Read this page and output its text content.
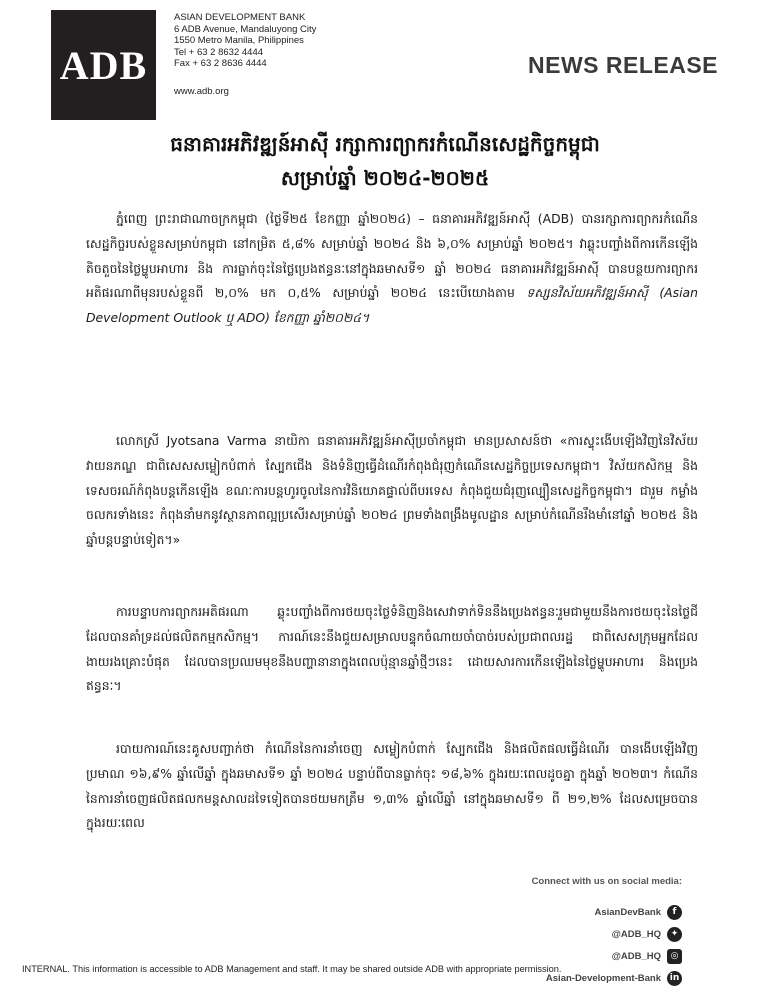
ADB
ASIAN DEVELOPMENT BANK
6 ADB Avenue, Mandaluyong City
1550 Metro Manila, Philippines
Tel + 63 2 8632 4444
Fax + 63 2 8636 4444
www.adb.org
NEWS RELEASE
ធនាគារអភិវឌ្ឍន៍អាស៊ី រក្សាការព្យាករកំណើនសេដ្ឋកិច្ចកម្ពុជា
សម្រាប់ឆ្នាំ ២០២៤-២០២៥
ភ្នំពេញ ព្រះរាជាណាចក្រកម្ពុជា (ថ្ងៃទី២៥ ខែកញ្ញា ឆ្នាំ២០២៤) – ធនាគារអភិវឌ្ឍន៍អាស៊ី (ADB) បានរក្សាការព្យាករកំណើនសេដ្ឋកិច្ចរបស់ខ្លួនសម្រាប់កម្ពុជា នៅកម្រិត ៥,៨% សម្រាប់ឆ្នាំ ២០២៤ និង ៦,០% សម្រាប់ឆ្នាំ ២០២៥។ វាឆ្លុះបញ្ចាំងពីការកើនឡើងតិចតួចនៃថ្លៃម្ហូបអាហារ និង ការធ្លាក់ចុះនៃថ្លៃប្រេងឥន្ធនៈនៅក្នុងឆមាសទី១ ឆ្នាំ ២០២៤ ធនាគារអភិវឌ្ឍន៍អាស៊ី បានបន្ថយការព្យាករអតិផរណាពីមុនរបស់ខ្លួនពី ២,០% មក ០,៥% សម្រាប់ឆ្នាំ ២០២៤ នេះបើយោងតាម ទស្សនវិស័យអភិវឌ្ឍន៍អាស៊ី (Asian Development Outlook ឬ ADO) ខែកញ្ញា ឆ្នាំ២០២៤។
លោកស្រី Jyotsana Varma នាយិកា ធនាគារអភិវឌ្ឍន៍អាស៊ីប្រចាំកម្ពុជា មានប្រសាសន៍ថា «ការស្ទុះងើបឡើងវិញនៃវិស័យវាយនភណ្ឌ ជាពិសេសសម្លៀកបំពាក់ ស្បែកជើង និងទំនិញធ្វើដំណើរកំពុងជំរុញកំណើនសេដ្ឋកិច្ចប្រទេសកម្ពុជា។ វិស័យកសិកម្ម និងទេសចរណ៍កំពុងបន្តកើនឡើង ខណៈការបន្តហូរចូលនៃការវិនិយោគផ្ទាល់ពីបរទេស កំពុងជួយជំរុញល្បឿនសេដ្ឋកិច្ចកម្ពុជា។ ជារួម កម្លាំងចលករទាំងនេះ កំពុងនាំមកនូវស្ថានភាពល្អប្រសើរសម្រាប់ឆ្នាំ ២០២៤ ព្រមទាំងពង្រឹងមូលដ្ឋាន សម្រាប់កំណើនរឹងមាំនៅឆ្នាំ ២០២៥ និងឆ្នាំបន្តបន្ទាប់ទៀត។»
ការបន្ទាបការព្យាករអតិផរណា ឆ្លុះបញ្ចាំងពីការថយចុះថ្លៃទំនិញនិងសេវាទាក់ទិននឹងប្រេងឥន្ធនៈរួមជាមួយនឹងការថយចុះនៃថ្លៃជី ដែលបានគាំទ្រដល់ផលិតកម្មកសិកម្ម។ ការណ៍នេះនឹងជួយសម្រាលបន្ទុកចំណាយចាំបាច់របស់ប្រជាពលរដ្ឋ ជាពិសេសក្រុមអ្នកដែលងាយរងគ្រោះបំផុត ដែលបានប្រឈមមុខនឹងបញ្ហានានាក្នុងពេលប៉ុន្មានឆ្នាំថ្មីៗនេះ ដោយសារការកើនឡើងនៃថ្លៃម្ហូបអាហារ និងប្រេងឥន្ធនៈ។
របាយការណ៍នេះគូសបញ្ជាក់ថា កំណើននៃការនាំចេញ សម្លៀកបំពាក់ ស្បែកជើង និងផលិតផលធ្វើដំណើរ បានងើបឡើងវិញប្រមាណ ១៦,៩% ឆ្នាំលើឆ្នាំ ក្នុងឆមាសទី១ ឆ្នាំ ២០២៤ បន្ទាប់ពីបានធ្លាក់ចុះ ១៨,៦% ក្នុងរយៈពេលដូចគ្នា ក្នុងឆ្នាំ ២០២៣។ កំណើននៃការនាំចេញផលិតផលកមន្តសាលដទៃទៀតបានថយមកត្រឹម ១,៣% ឆ្នាំលើឆ្នាំ នៅក្នុងឆមាសទី១ ពី ២១,២% ដែលសម្រេចបានក្នុងរយៈពេល
Connect with us on social media:
AsianDevBank	f
@ADB_HQ	✦
@ADB_HQ	◎
Asian-Development-Bank in
INTERNAL. This information is accessible to ADB Management and staff. It may be shared outside ADB with appropriate permission.
